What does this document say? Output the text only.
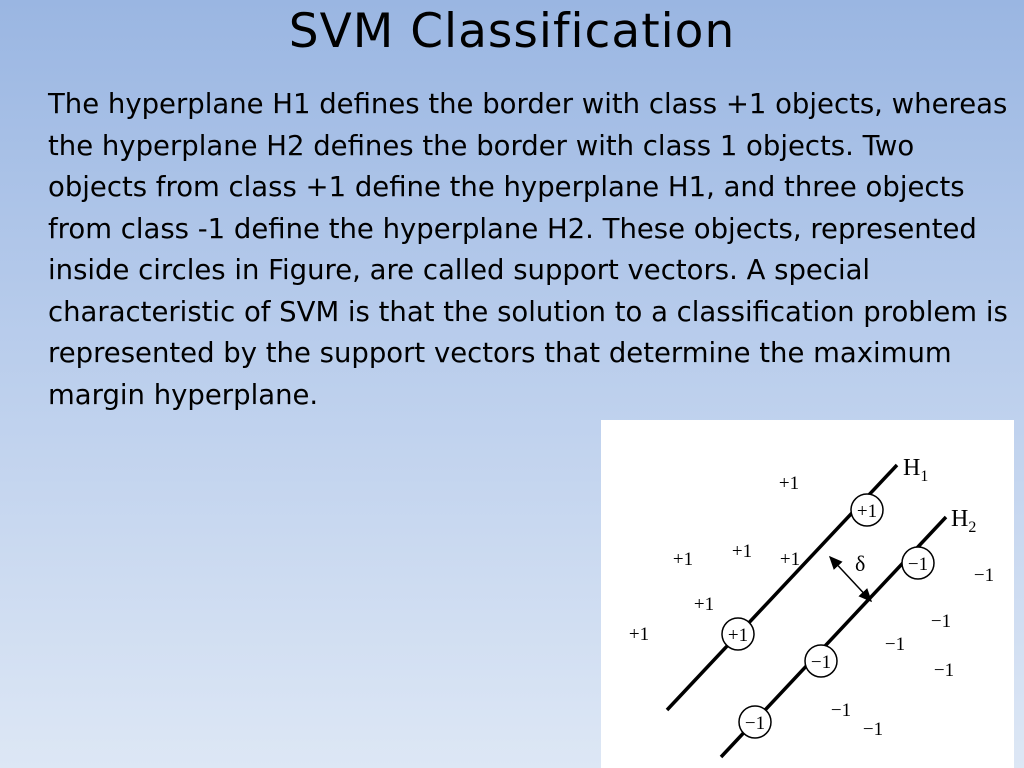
SVM Classification
The hyperplane H1 defines the border with class +1 objects, whereas the hyperplane H2 defines the border with class 1 objects. Two objects from class +1 define the hyperplane H1, and three objects from class -1 define the hyperplane H2. These objects, represented inside circles in Figure, are called support vectors. A special characteristic of SVM is that the solution to a classification problem is represented by the support vectors that determine the maximum margin hyperplane.
$H_1$
$H_2$
δ
+1
+1
−1
−1
−1
+1
+1 +1 +1
+1
+1
−1
−1
−1
−1
−1
−1
